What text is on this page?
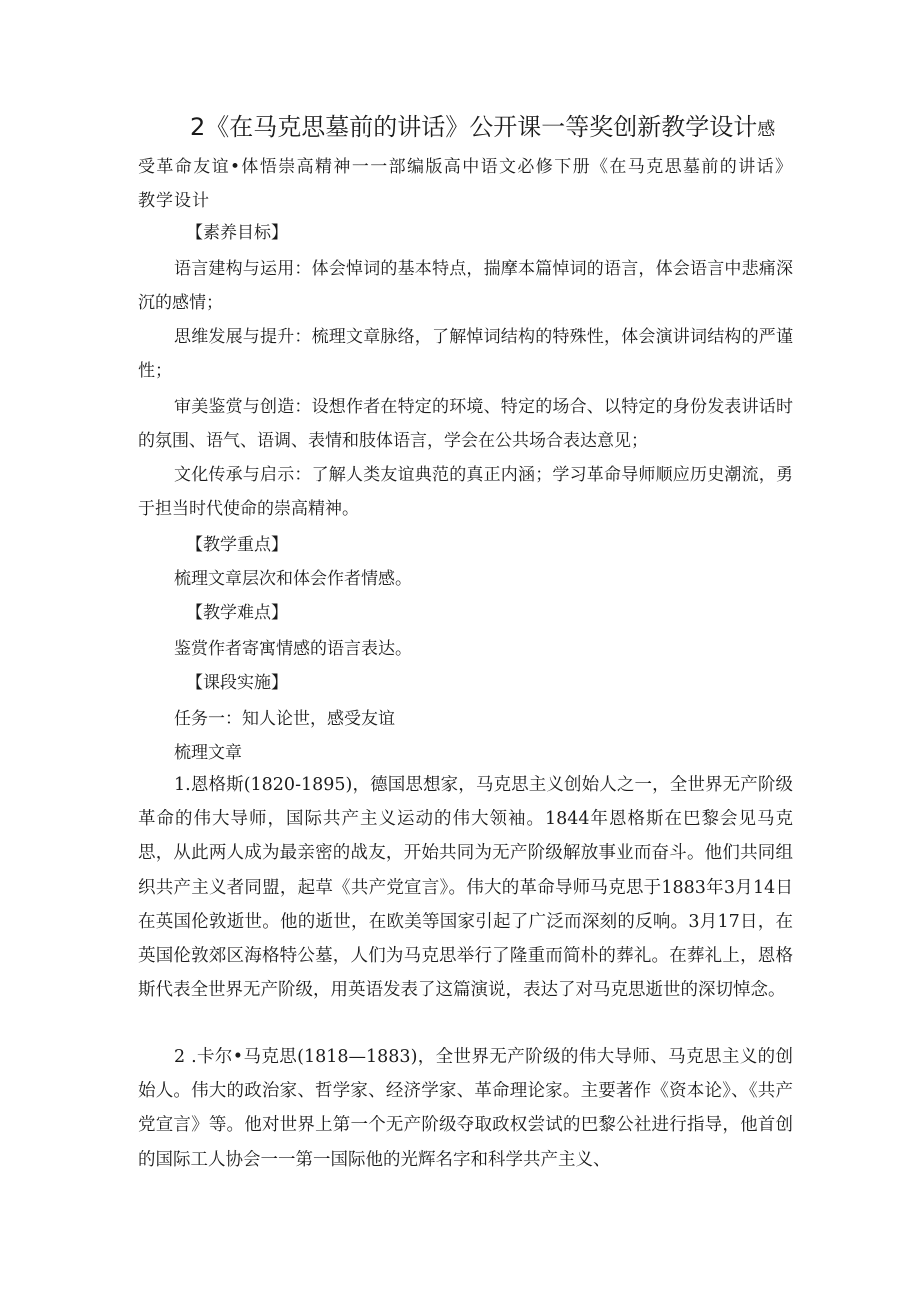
2《在马克思墓前的讲话》公开课一等奖创新教学设计感
受革命友谊•体悟崇高精神一一部编版高中语文必修下册《在马克思墓前的讲话》教学设计
【素养目标】
语言建构与运用：体会悼词的基本特点，揣摩本篇悼词的语言，体会语言中悲痛深沉的感情；
思维发展与提升：梳理文章脉络，了解悼词结构的特殊性，体会演讲词结构的严谨性；
审美鉴赏与创造：设想作者在特定的环境、特定的场合、以特定的身份发表讲话时的氛围、语气、语调、表情和肢体语言，学会在公共场合表达意见；
文化传承与启示：了解人类友谊典范的真正内涵；学习革命导师顺应历史潮流，勇于担当时代使命的崇高精神。
【教学重点】
梳理文章层次和体会作者情感。
【教学难点】
鉴赏作者寄寓情感的语言表达。
【课段实施】
任务一：知人论世，感受友谊
梳理文章
1.恩格斯(1820-1895)，德国思想家，马克思主义创始人之一，全世界无产阶级革命的伟大导师，国际共产主义运动的伟大领袖。1844年恩格斯在巴黎会见马克思，从此两人成为最亲密的战友，开始共同为无产阶级解放事业而奋斗。他们共同组织共产主义者同盟，起草《共产党宣言》。伟大的革命导师马克思于1883年3月14日在英国伦敦逝世。他的逝世，在欧美等国家引起了广泛而深刻的反响。3月17日，在英国伦敦郊区海格特公墓，人们为马克思举行了隆重而简朴的葬礼。在葬礼上，恩格斯代表全世界无产阶级，用英语发表了这篇演说，表达了对马克思逝世的深切悼念。
2 .卡尔•马克思(1818—1883)，全世界无产阶级的伟大导师、马克思主义的创始人。伟大的政治家、哲学家、经济学家、革命理论家。主要著作《资本论》、《共产党宣言》等。他对世界上第一个无产阶级夺取政权尝试的巴黎公社进行指导，他首创的国际工人协会一一第一国际他的光辉名字和科学共产主义、
